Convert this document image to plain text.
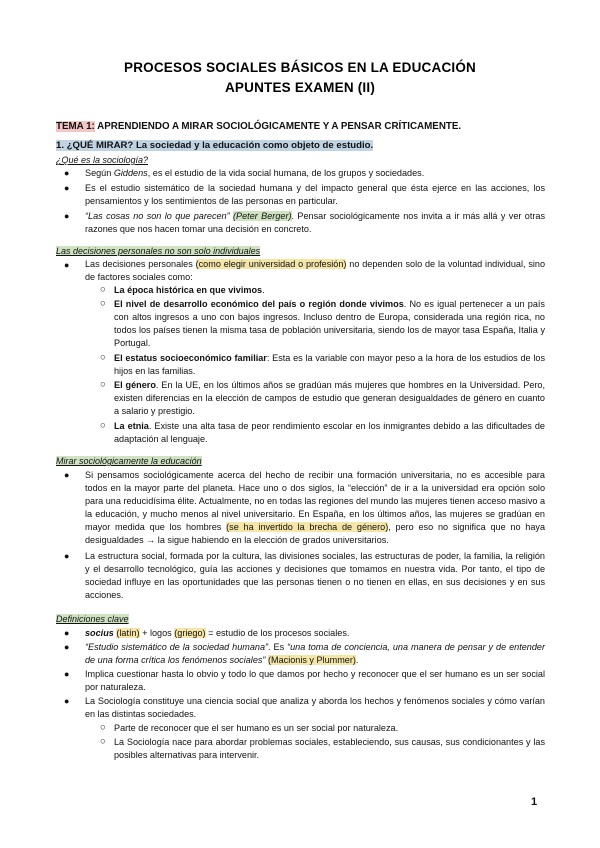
PROCESOS SOCIALES BÁSICOS EN LA EDUCACIÓN
APUNTES EXAMEN (II)
TEMA 1: APRENDIENDO A MIRAR SOCIOLÓGICAMENTE Y A PENSAR CRÍTICAMENTE.
1. ¿QUÉ MIRAR? La sociedad y la educación como objeto de estudio.
¿Qué es la sociología?
● Según Giddens, es el estudio de la vida social humana, de los grupos y sociedades.
● Es el estudio sistemático de la sociedad humana y del impacto general que ésta ejerce en las acciones, los pensamientos y los sentimientos de las personas en particular.
● “Las cosas no son lo que parecen” (Peter Berger). Pensar sociológicamente nos invita a ir más allá y ver otras razones que nos hacen tomar una decisión en concreto.
Las decisiones personales no son solo individuales
● Las decisiones personales (como elegir universidad o profesión) no dependen solo de la voluntad individual, sino de factores sociales como:
○ La época histórica en que vivimos.
○ El nivel de desarrollo económico del país o región donde vivimos. No es igual pertenecer a un país con altos ingresos a uno con bajos ingresos. Incluso dentro de Europa, considerada una región rica, no todos los países tienen la misma tasa de población universitaria, siendo los de mayor tasa España, Italia y Portugal.
○ El estatus socioeconómico familiar: Esta es la variable con mayor peso a la hora de los estudios de los hijos en las familias.
○ El género. En la UE, en los últimos años se gradúan más mujeres que hombres en la Universidad. Pero, existen diferencias en la elección de campos de estudio que generan desigualdades de género en cuanto a salario y prestigio.
○ La etnia. Existe una alta tasa de peor rendimiento escolar en los inmigrantes debido a las dificultades de adaptación al lenguaje.
Mirar sociológicamente la educación
● Si pensamos sociológicamente acerca del hecho de recibir una formación universitaria, no es accesible para todos en la mayor parte del planeta. Hace uno o dos siglos, la “elección” de ir a la universidad era opción solo para una reducidísima élite. Actualmente, no en todas las regiones del mundo las mujeres tienen acceso masivo a la educación, y mucho menos al nivel universitario. En España, en los últimos años, las mujeres se gradúan en mayor medida que los hombres (se ha invertido la brecha de género), pero eso no significa que no haya desigualdades → la sigue habiendo en la elección de grados universitarios.
● La estructura social, formada por la cultura, las divisiones sociales, las estructuras de poder, la familia, la religión y el desarrollo tecnológico, guía las acciones y decisiones que tomamos en nuestra vida. Por tanto, el tipo de sociedad influye en las oportunidades que las personas tienen o no tienen en ellas, en sus decisiones y en sus acciones.
Definiciones clave
● socius (latín) + logos (griego) = estudio de los procesos sociales.
● “Estudio sistemático de la sociedad humana”. Es “una toma de conciencia, una manera de pensar y de entender de una forma crítica los fenómenos sociales” (Macionis y Plummer).
● Implica cuestionar hasta lo obvio y todo lo que damos por hecho y reconocer que el ser humano es un ser social por naturaleza.
● La Sociología constituye una ciencia social que analiza y aborda los hechos y fenómenos sociales y cómo varían en las distintas sociedades.
○ Parte de reconocer que el ser humano es un ser social por naturaleza.
○ La Sociología nace para abordar problemas sociales, estableciendo, sus causas, sus condicionantes y las posibles alternativas para intervenir.
1
